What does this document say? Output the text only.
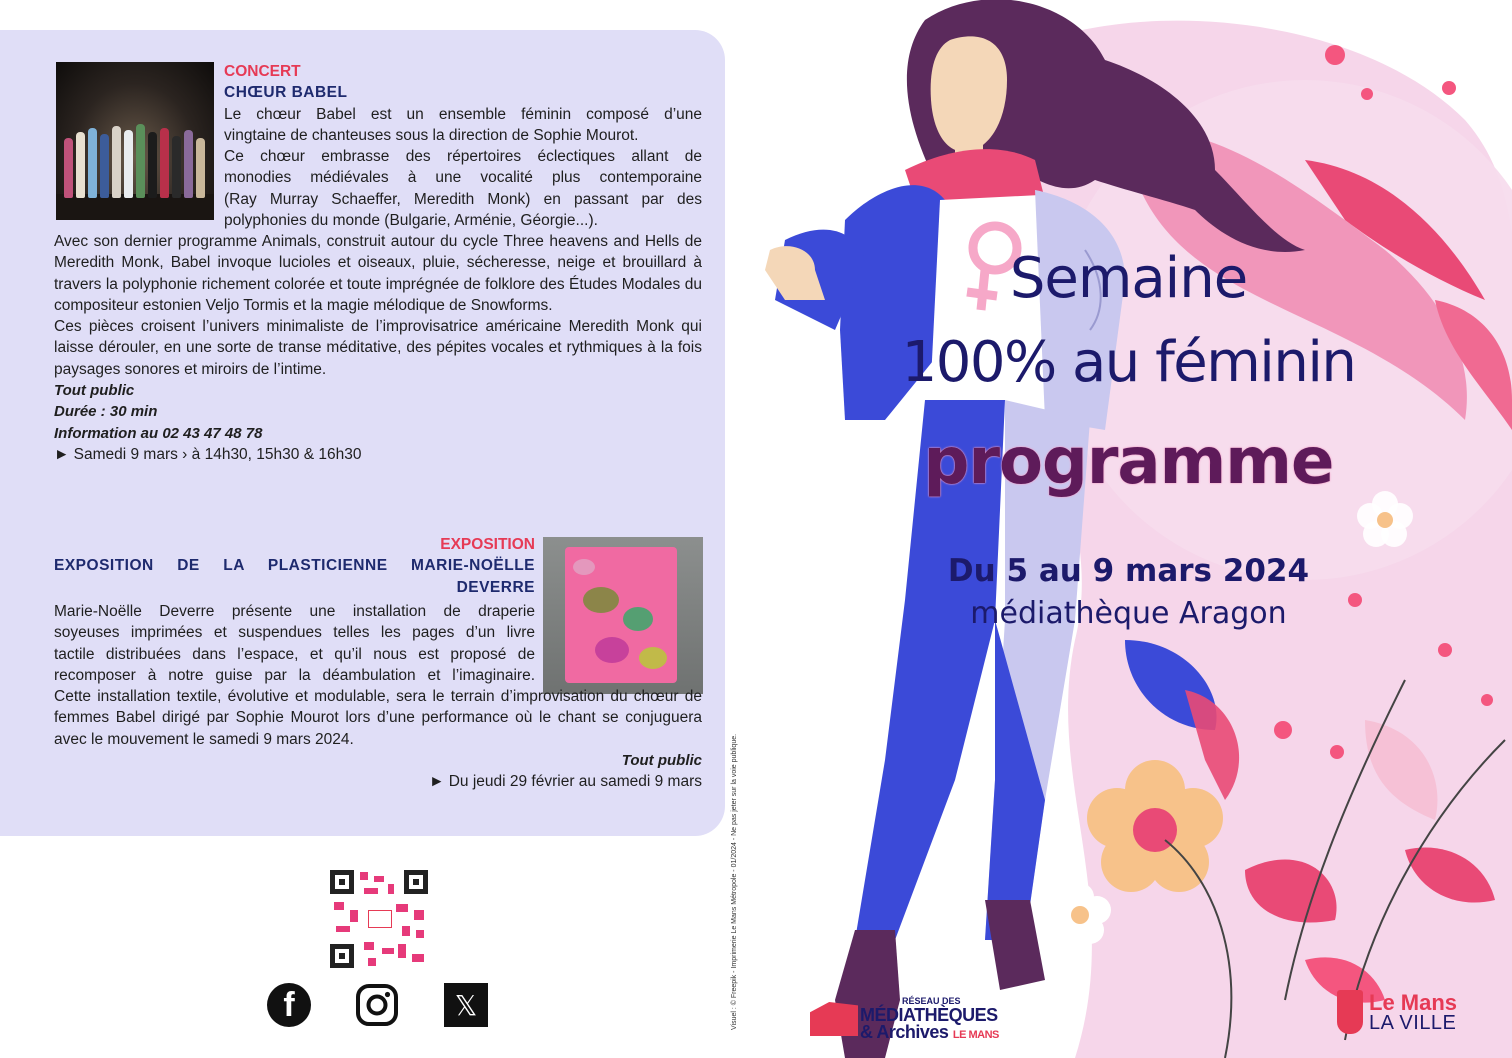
CONCERT
CHŒUR BABEL
Le chœur Babel est un ensemble féminin composé d’une
vingtaine de chanteuses sous la direction de Sophie Mourot.
Ce chœur embrasse des répertoires éclectiques allant de
monodies médiévales à une vocalité plus contemporaine
(Ray Murray Schaeffer, Meredith Monk) en passant par des
polyphonies du monde (Bulgarie, Arménie, Géorgie...).

Avec son dernier programme Animals, construit autour du cycle Three heavens and Hells de Meredith Monk, Babel invoque lucioles et oiseaux, pluie, sécheresse, neige et brouillard à travers la polyphonie richement colorée et toute imprégnée de folklore des Études Modales du compositeur estonien Veljo Tormis et la magie mélodique de Snowforms.

Ces pièces croisent l’univers minimaliste de l’improvisatrice américaine Meredith Monk qui laisse dérouler, en une sorte de transe méditative, des pépites vocales et rythmiques à la fois paysages sonores et miroirs de l’intime.

Tout public
Durée : 30 min
Information au 02 43 47 48 78
► Samedi 9 mars › à 14h30, 15h30 & 16h30
EXPOSITION
EXPOSITION DE LA PLASTICIENNE MARIE-NOËLLE
DEVERRE
Marie-Noëlle Deverre présente une installation de draperie
soyeuses imprimées et suspendues telles les pages d’un livre
tactile distribuées dans l’espace, et qu’il nous est proposé de
recomposer à notre guise par la déambulation et l’imaginaire.

Cette installation textile, évolutive et modulable, sera le terrain d’improvisation du chœur de femmes Babel dirigé par Sophie Mourot lors d’une performance où le chant se conjuguera avec le mouvement le samedi 9 mars 2024.

Tout public
► Du jeudi 29 février au samedi 9 mars
f	𝕏	Visuel : © Freepik - Imprimerie Le Mans Métropole - 01/2024 - Ne pas jeter sur la voie publique.
Semaine
100% au féminin
programme
Du 5 au 9 mars 2024
médiathèque Aragon
RÉSEAU DES
MÉDIATHÈQUES
& Archives LE MANS
Le Mans
LA VILLE
